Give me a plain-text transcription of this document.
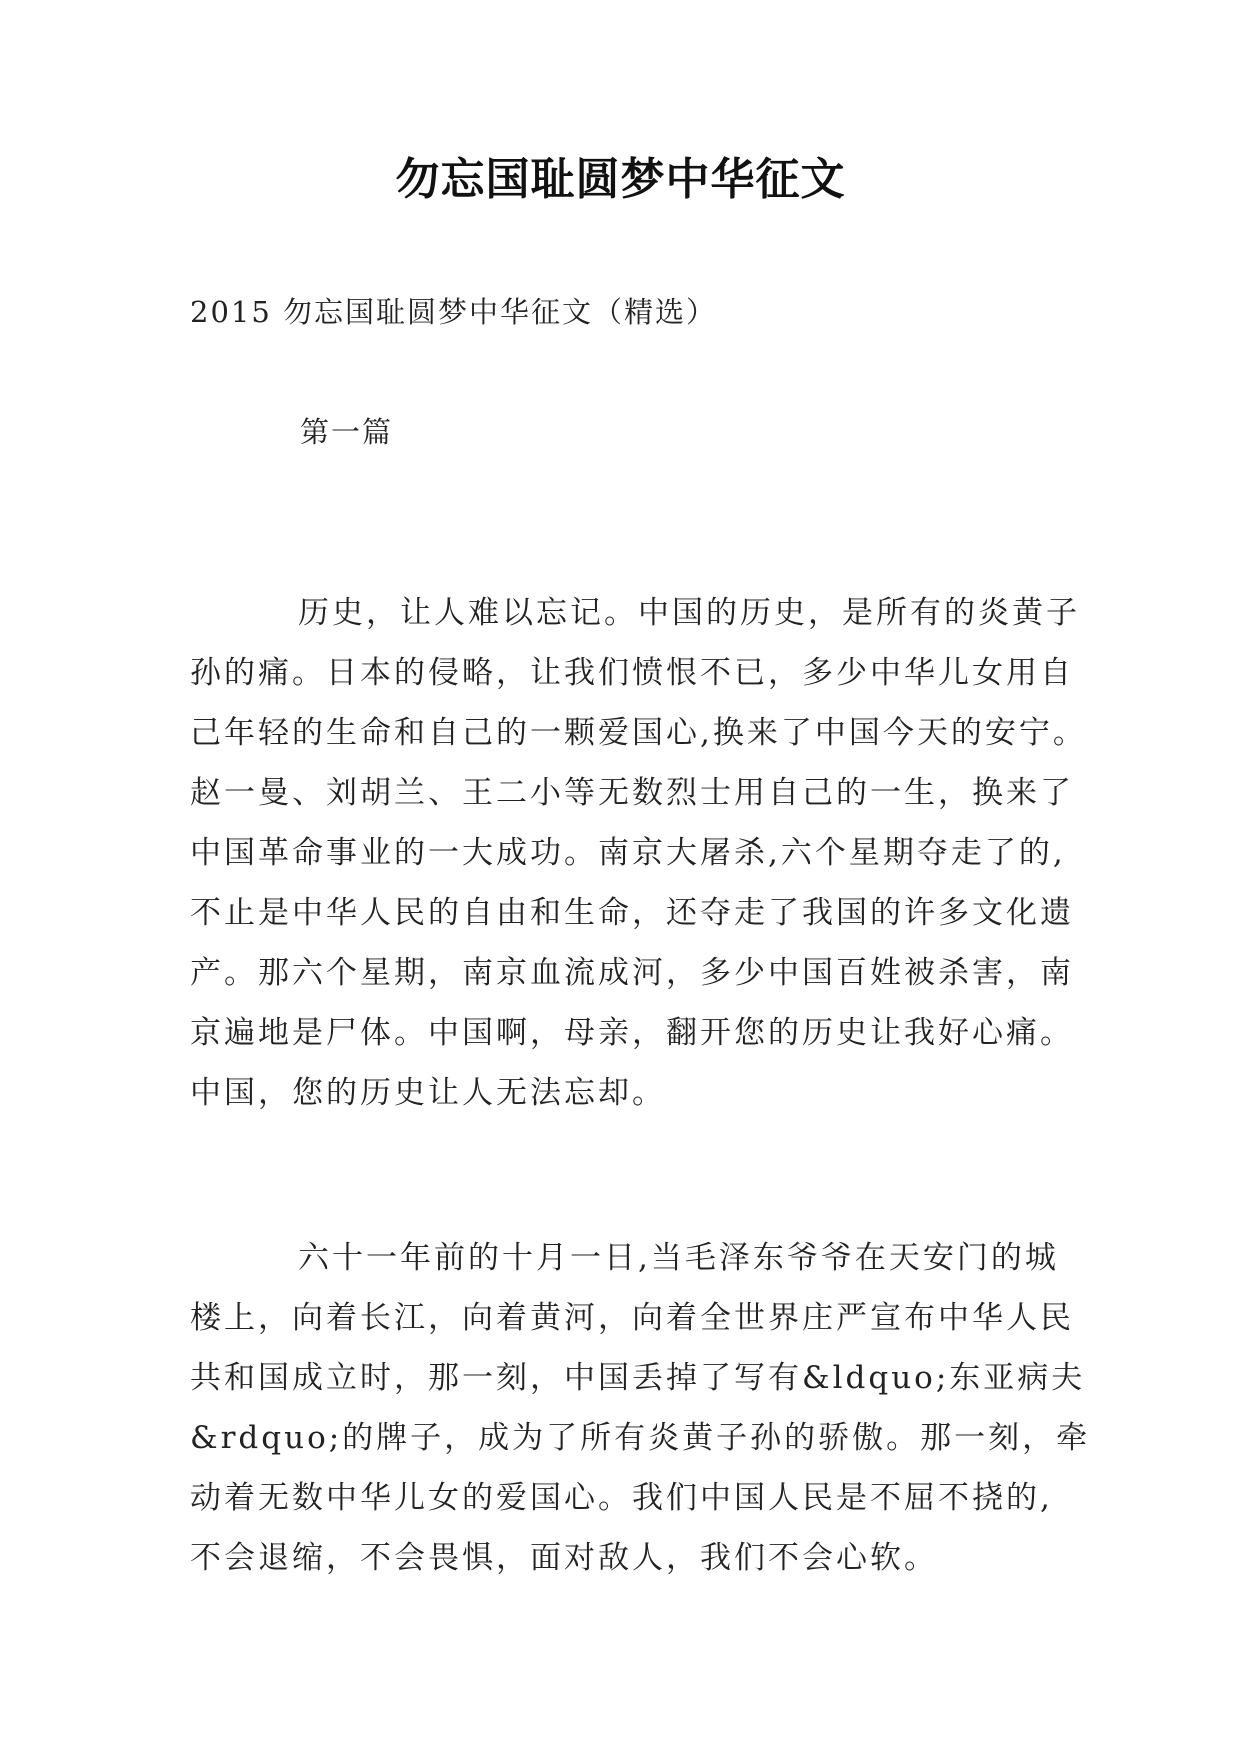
勿忘国耻圆梦中华征文
2015 勿忘国耻圆梦中华征文（精选）
第一篇
历史，让人难以忘记。中国的历史，是所有的炎黄子
孙的痛。日本的侵略，让我们愤恨不已，多少中华儿女用自
己年轻的生命和自己的一颗爱国心,换来了中国今天的安宁。
赵一曼、刘胡兰、王二小等无数烈士用自己的一生，换来了
中国革命事业的一大成功。南京大屠杀,六个星期夺走了的,
不止是中华人民的自由和生命，还夺走了我国的许多文化遗
产。那六个星期，南京血流成河，多少中国百姓被杀害，南
京遍地是尸体。中国啊，母亲，翻开您的历史让我好心痛。
中国，您的历史让人无法忘却。
六十一年前的十月一日,当毛泽东爷爷在天安门的城
楼上，向着长江，向着黄河，向着全世界庄严宣布中华人民
共和国成立时，那一刻，中国丢掉了写有&ldquo;东亚病夫
&rdquo;的牌子，成为了所有炎黄子孙的骄傲。那一刻，牵
动着无数中华儿女的爱国心。我们中国人民是不屈不挠的,
不会退缩，不会畏惧，面对敌人，我们不会心软。
